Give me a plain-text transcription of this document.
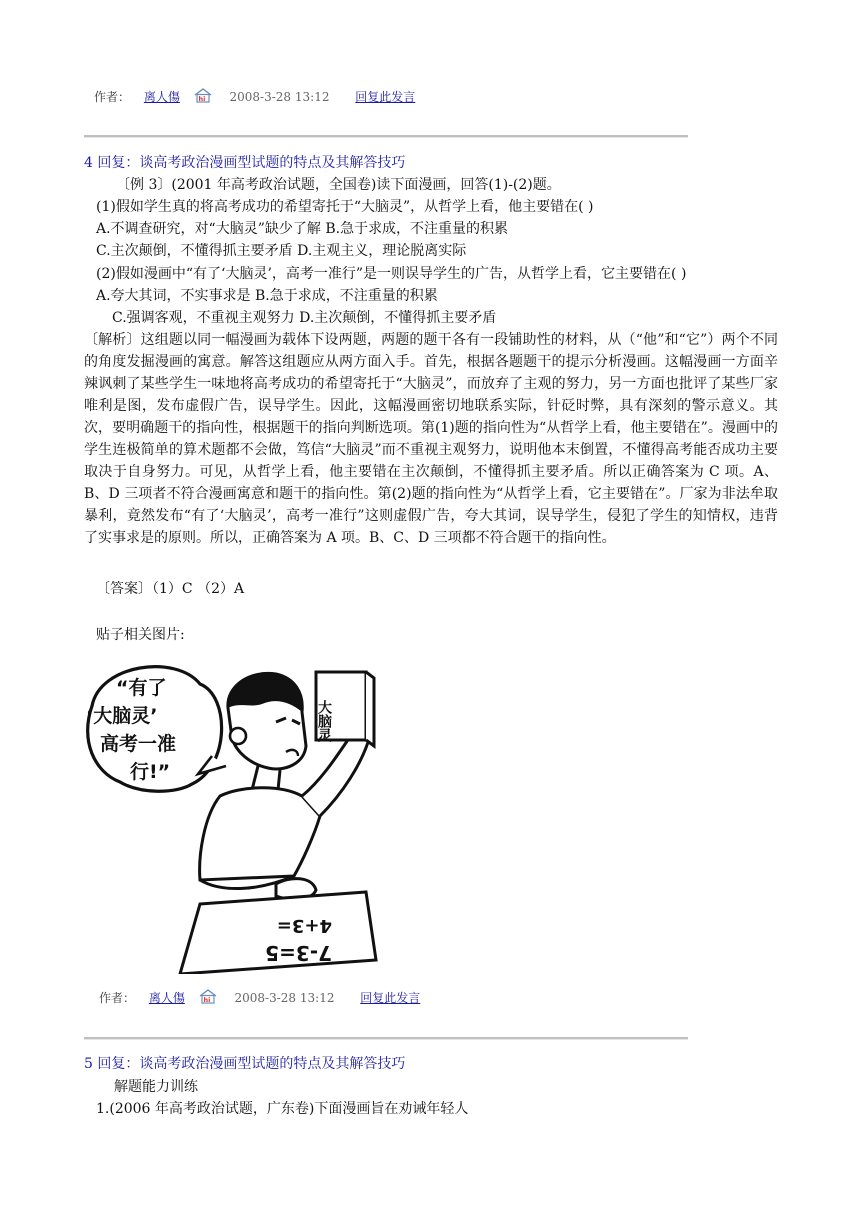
作者： 离人傷	hi 2008-3-28 13:12 回复此发言
4 回复：谈高考政治漫画型试题的特点及其解答技巧
〔例 3〕(2001 年高考政治试题，全国卷)读下面漫画，回答(1)-(2)题。
(1)假如学生真的将高考成功的希望寄托于“大脑灵”，从哲学上看，他主要错在( )
A.不调查研究，对“大脑灵”缺少了解 B.急于求成，不注重量的积累
C.主次颠倒，不懂得抓主要矛盾 D.主观主义，理论脱离实际
(2)假如漫画中“有了‘大脑灵’，高考一准行”是一则误导学生的广告，从哲学上看，它主要错在( )
A.夸大其词，不实事求是 B.急于求成，不注重量的积累
C.强调客观，不重视主观努力 D.主次颠倒，不懂得抓主要矛盾
〔解析〕这组题以同一幅漫画为载体下设两题，两题的题干各有一段铺助性的材料，从（“他”和“它”）两个不同的角度发掘漫画的寓意。解答这组题应从两方面入手。首先，根据各题题干的提示分析漫画。这幅漫画一方面辛辣讽刺了某些学生一味地将高考成功的希望寄托于“大脑灵”，而放弃了主观的努力，另一方面也批评了某些厂家唯利是图，发布虚假广告，误导学生。因此，这幅漫画密切地联系实际，针砭时弊，具有深刻的警示意义。其次，要明确题干的指向性，根据题干的指向判断选项。第(1)题的指向性为“从哲学上看，他主要错在”。漫画中的学生连极简单的算术题都不会做，笃信“大脑灵”而不重视主观努力，说明他本末倒置，不懂得高考能否成功主要取决于自身努力。可见，从哲学上看，他主要错在主次颠倒，不懂得抓主要矛盾。所以正确答案为 C 项。A、B、D 三项者不符合漫画寓意和题干的指向性。第(2)题的指向性为“从哲学上看，它主要错在”。厂家为非法牟取暴利，竟然发布“有了‘大脑灵’，高考一准行”这则虚假广告，夸大其词，误导学生，侵犯了学生的知情权，违背了实事求是的原则。所以，正确答案为 A 项。B、C、D 三项都不符合题干的指向性。
〔答案〕（1）C （2）A
贴子相关图片:
“有了
‘大脑灵’
高考一准
行!”
大脑灵
4+3=
7-3=5
作者： 离人傷	hi 2008-3-28 13:12 回复此发言
5 回复：谈高考政治漫画型试题的特点及其解答技巧
解题能力训练
1.(2006 年高考政治试题，广东卷)下面漫画旨在劝诫年轻人
